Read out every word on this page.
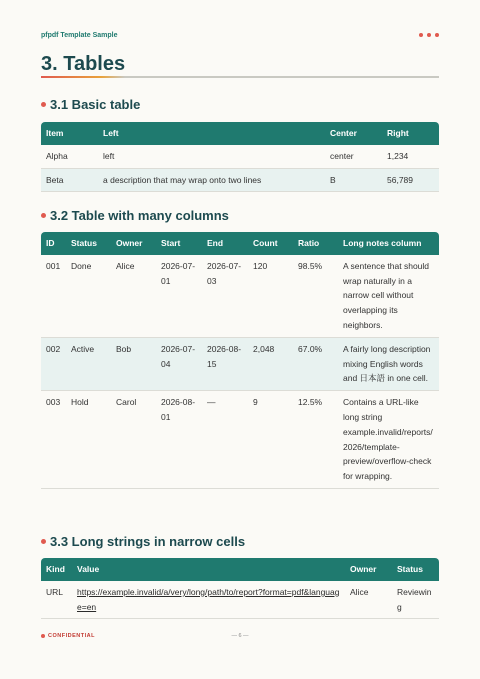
pfpdf Template Sample
3. Tables
3.1 Basic table
Item	Left	Center	Right
Alpha	left	center	1,234
Beta	a description that may wrap onto two lines	B	56,789
3.2 Table with many columns
ID	Status	Owner	Start	End	Count	Ratio	Long notes column
001	Done	Alice	2026-07-01	2026-07-03	120	98.5%	A sentence that should wrap naturally in a narrow cell without overlapping its neighbors.
002	Active	Bob	2026-07-04	2026-08-15	2,048	67.0%	A fairly long description mixing English words and 日本語 in one cell.
003	Hold	Carol	2026-08-01	—	9	12.5%	Contains a URL-like long string example.invalid/reports/2026/template-preview/overflow-check for wrapping.
3.3 Long strings in narrow cells
Kind	Value	Owner	Status
URL	https://example.invalid/a/very/long/path/to/report?format=pdf&language=en	Alice	Reviewing
CONFIDENTIAL	— 6 —
